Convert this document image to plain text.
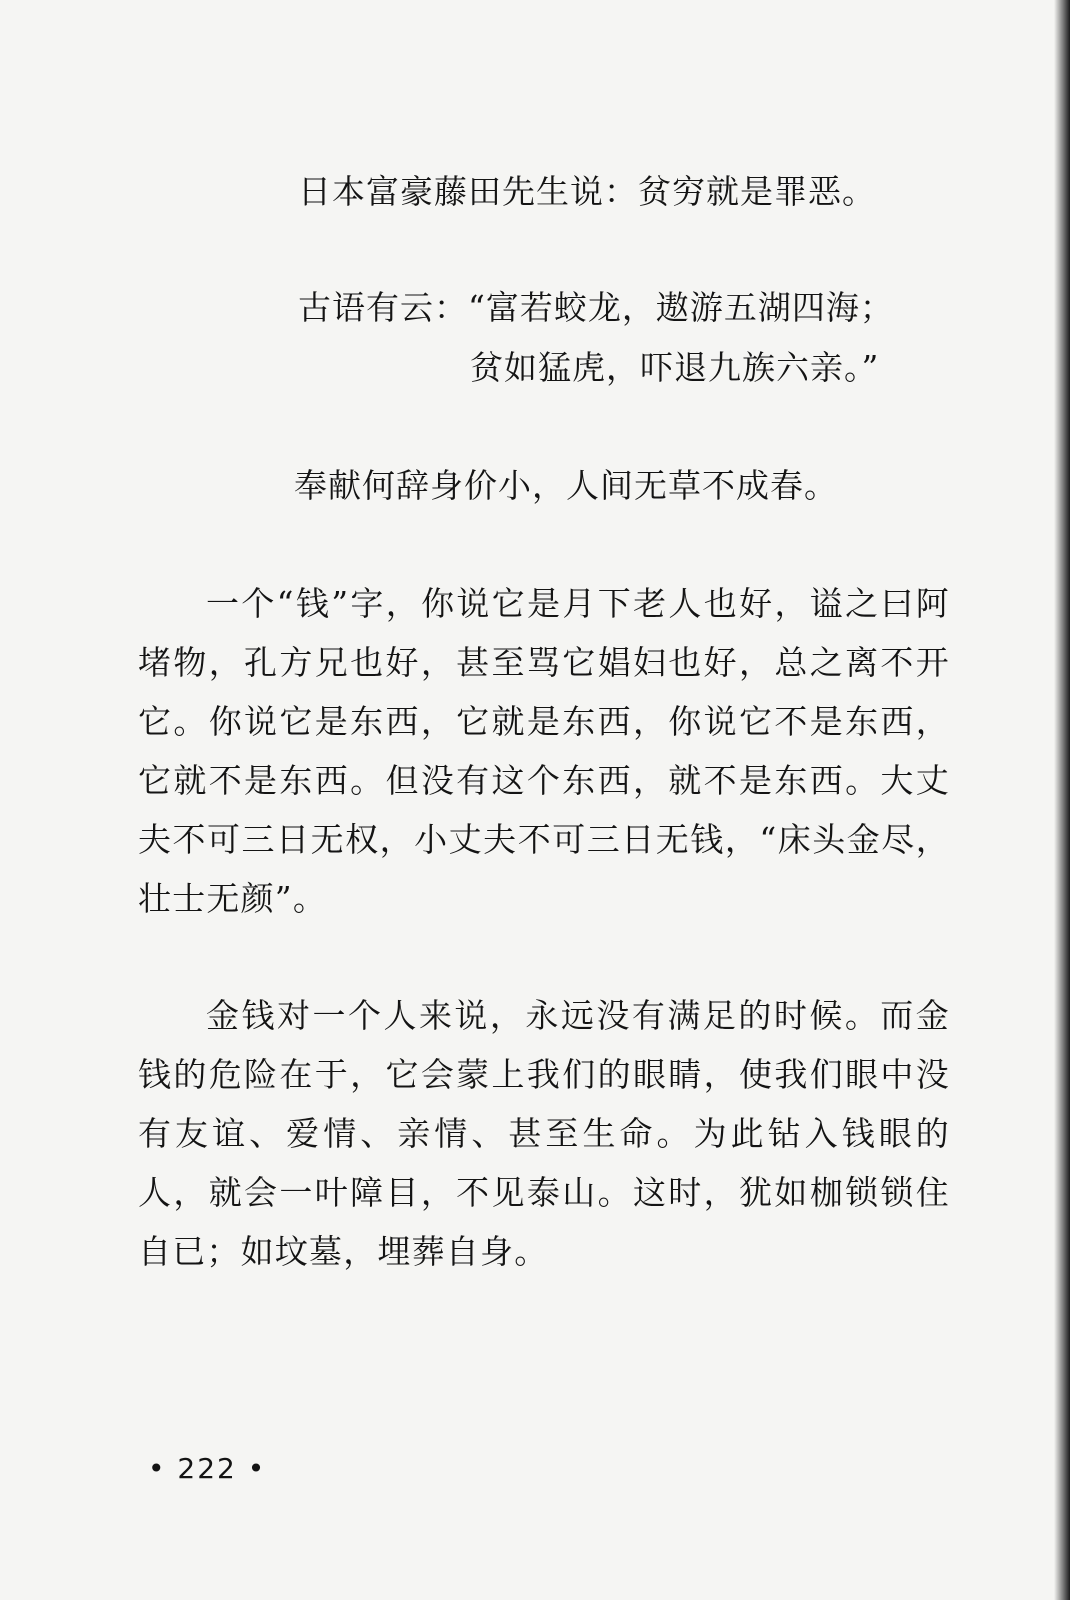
日本富豪藤田先生说：贫穷就是罪恶。
古语有云：“富若蛟龙，遨游五湖四海；
贫如猛虎，吓退九族六亲。”
奉献何辞身价小，人间无草不成春。
一个“钱”字，你说它是月下老人也好，谥之曰阿堵物，孔方兄也好，甚至骂它娼妇也好，总之离不开它。你说它是东西，它就是东西，你说它不是东西，它就不是东西。但没有这个东西，就不是东西。大丈夫不可三日无权，小丈夫不可三日无钱，“床头金尽，壮士无颜”。
金钱对一个人来说，永远没有满足的时候。而金钱的危险在于，它会蒙上我们的眼睛，使我们眼中没有友谊、爱情、亲情、甚至生命。为此钻入钱眼的人，就会一叶障目，不见泰山。这时，犹如枷锁锁住自已；如坟墓，埋葬自身。
• 222 •
